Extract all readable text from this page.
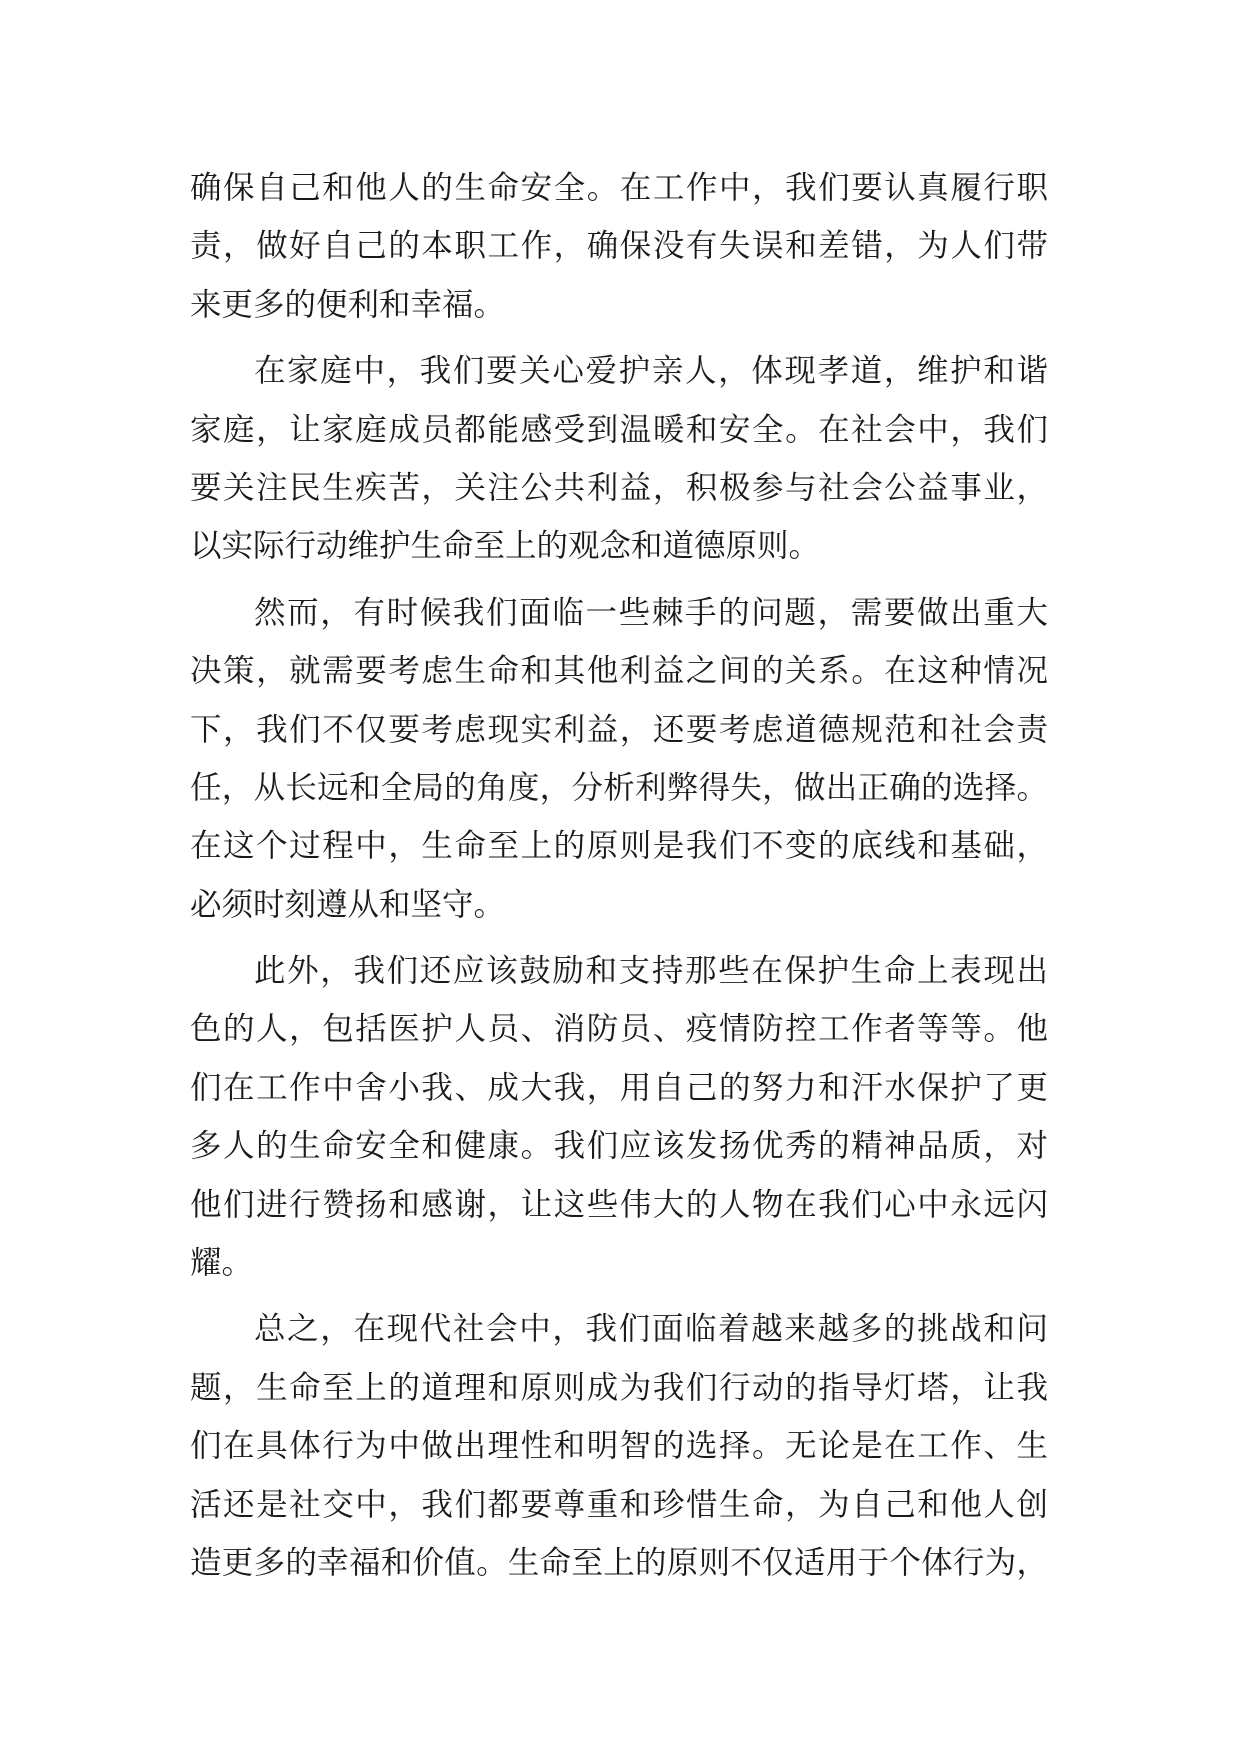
确保自己和他人的生命安全。在工作中，我们要认真履行职
责，做好自己的本职工作，确保没有失误和差错，为人们带
来更多的便利和幸福。
在家庭中，我们要关心爱护亲人，体现孝道，维护和谐
家庭，让家庭成员都能感受到温暖和安全。在社会中，我们
要关注民生疾苦，关注公共利益，积极参与社会公益事业，
以实际行动维护生命至上的观念和道德原则。
然而，有时候我们面临一些棘手的问题，需要做出重大
决策，就需要考虑生命和其他利益之间的关系。在这种情况
下，我们不仅要考虑现实利益，还要考虑道德规范和社会责
任，从长远和全局的角度，分析利弊得失，做出正确的选择。
在这个过程中，生命至上的原则是我们不变的底线和基础，
必须时刻遵从和坚守。
此外，我们还应该鼓励和支持那些在保护生命上表现出
色的人，包括医护人员、消防员、疫情防控工作者等等。他
们在工作中舍小我、成大我，用自己的努力和汗水保护了更
多人的生命安全和健康。我们应该发扬优秀的精神品质，对
他们进行赞扬和感谢，让这些伟大的人物在我们心中永远闪
耀。
总之，在现代社会中，我们面临着越来越多的挑战和问
题，生命至上的道理和原则成为我们行动的指导灯塔，让我
们在具体行为中做出理性和明智的选择。无论是在工作、生
活还是社交中，我们都要尊重和珍惜生命，为自己和他人创
造更多的幸福和价值。生命至上的原则不仅适用于个体行为，
